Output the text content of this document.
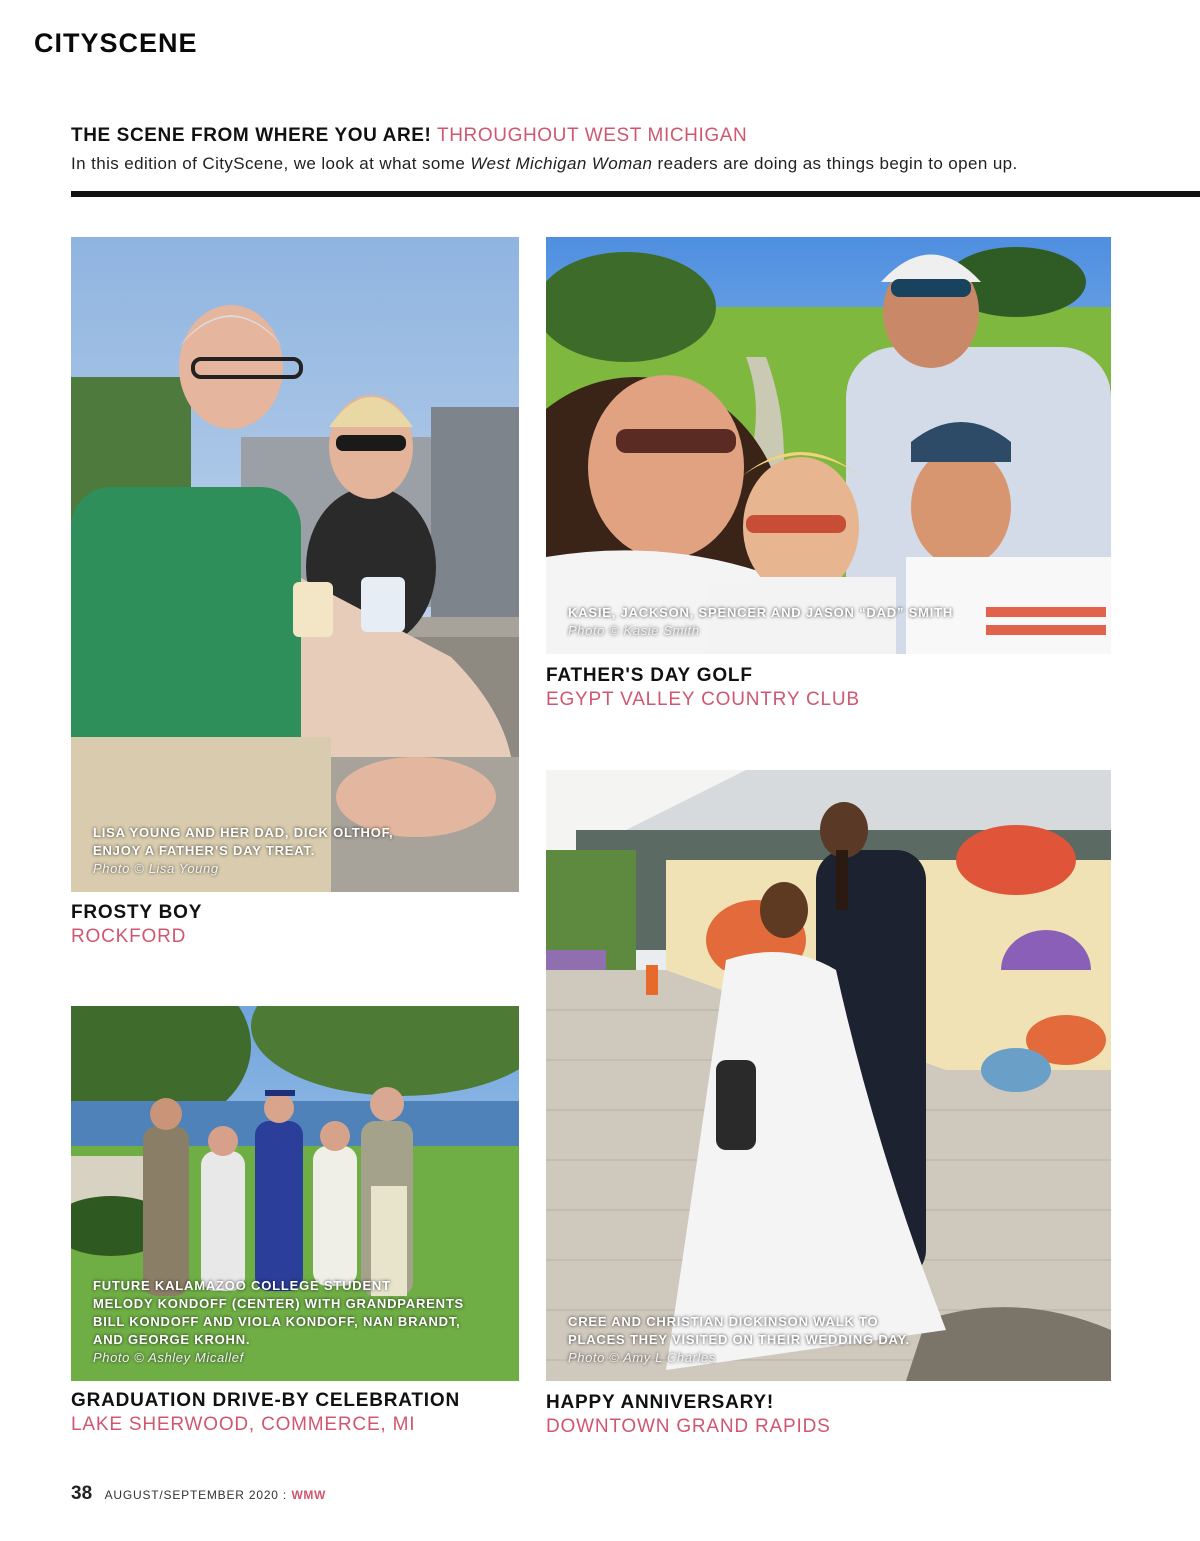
CITYSCENE

THE SCENE FROM WHERE YOU ARE! THROUGHOUT WEST MICHIGAN

In this edition of CityScene, we look at what some West Michigan Woman readers are doing as things begin to open up.

LISA YOUNG AND HER DAD, DICK OLTHOF,

ENJOY A FATHER’S DAY TREAT.

Photo © Lisa Young

FROSTY BOY

ROCKFORD

KASIE, JACKSON, SPENCER AND JASON “DAD” SMITH

Photo © Kasie Smith

FATHER'S DAY GOLF

EGYPT VALLEY COUNTRY CLUB

FUTURE KALAMAZOO COLLEGE STUDENT

MELODY KONDOFF (CENTER) WITH GRANDPARENTS

BILL KONDOFF AND VIOLA KONDOFF, NAN BRANDT,

AND GEORGE KROHN.

Photo © Ashley Micallef

GRADUATION DRIVE-BY CELEBRATION

LAKE SHERWOOD, COMMERCE, MI

CREE AND CHRISTIAN DICKINSON WALK TO

PLACES THEY VISITED ON THEIR WEDDING DAY.

Photo © Amy L Charles

HAPPY ANNIVERSARY!

DOWNTOWN GRAND RAPIDS

38 AUGUST/SEPTEMBER 2020 : WMW
